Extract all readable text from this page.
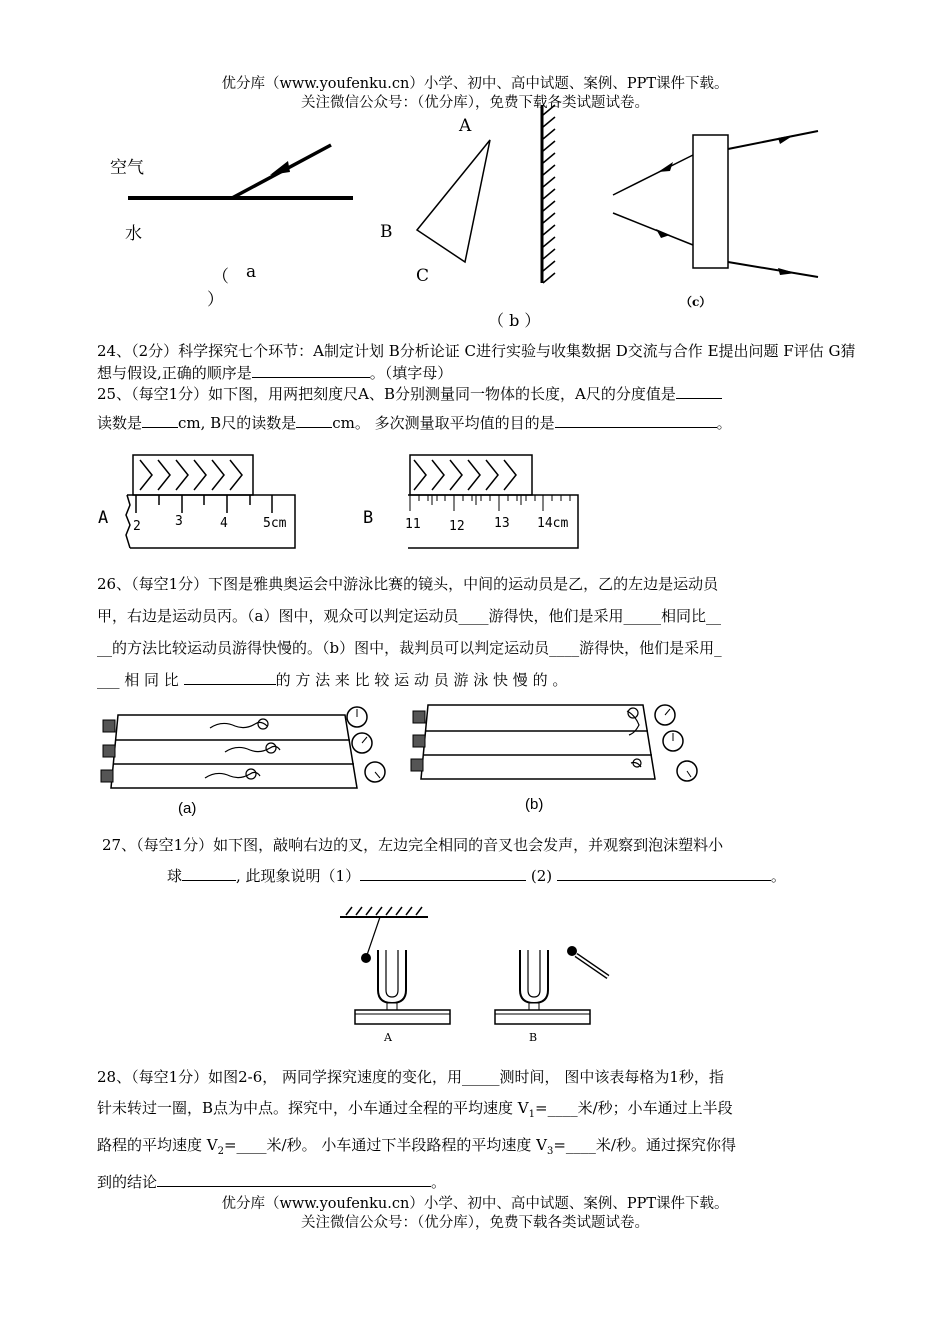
优分库（www.youfenku.cn）小学、初中、高中试题、案例、PPT课件下载。
关注微信公众号：（优分库），免费下载各类试题试卷。
空气
水
（ a
）
A
B
C
（ b ）
（c）
24、（2分）科学探究七个环节：A制定计划 B分析论证 C进行实验与收集数据 D交流与合作 E提出问题 F评估 G猜想与假设,正确的顺序是	。（填字母）
25、（每空1分）如下图，用两把刻度尺A、B分别测量同一物体的长度，A尺的分度值是
读数是 cm, B尺的读数是 cm。 多次测量取平均值的目的是	。
A 2	3	4	5cm	B 11 12 13 14cm
26、（每空1分）下图是雅典奥运会中游泳比赛的镜头，中间的运动员是乙，乙的左边是运动员
甲，右边是运动员丙。（a）图中，观众可以判定运动员____游得快，他们是采用_____相同比__
__的方法比较运动员游得快慢的。（b）图中，裁判员可以判定运动员____游得快，他们是采用_
___ 相 同 比	的 方 法 来 比 较 运 动 员 游 泳 快 慢 的 。
(a)	(b)
27、（每空1分）如下图，敲响右边的叉，左边完全相同的音叉也会发声，并观察到泡沫塑料小
球	, 此现象说明（1）	(2)	。
A	B
28、（每空1分）如图2-6， 两同学探究速度的变化，用_____测时间， 图中该表每格为1秒，指
针未转过一圈，B点为中点。探究中，小车通过全程的平均速度 $V_1=\_\_\_\_$米/秒；小车通过上半段
路程的平均速度 $V_2=\_\_\_\_$米/秒。 小车通过下半段路程的平均速度 $V_3=\_\_\_\_$米/秒。通过探究你得
到的结论	。
优分库（www.youfenku.cn）小学、初中、高中试题、案例、PPT课件下载。
关注微信公众号：（优分库），免费下载各类试题试卷。
